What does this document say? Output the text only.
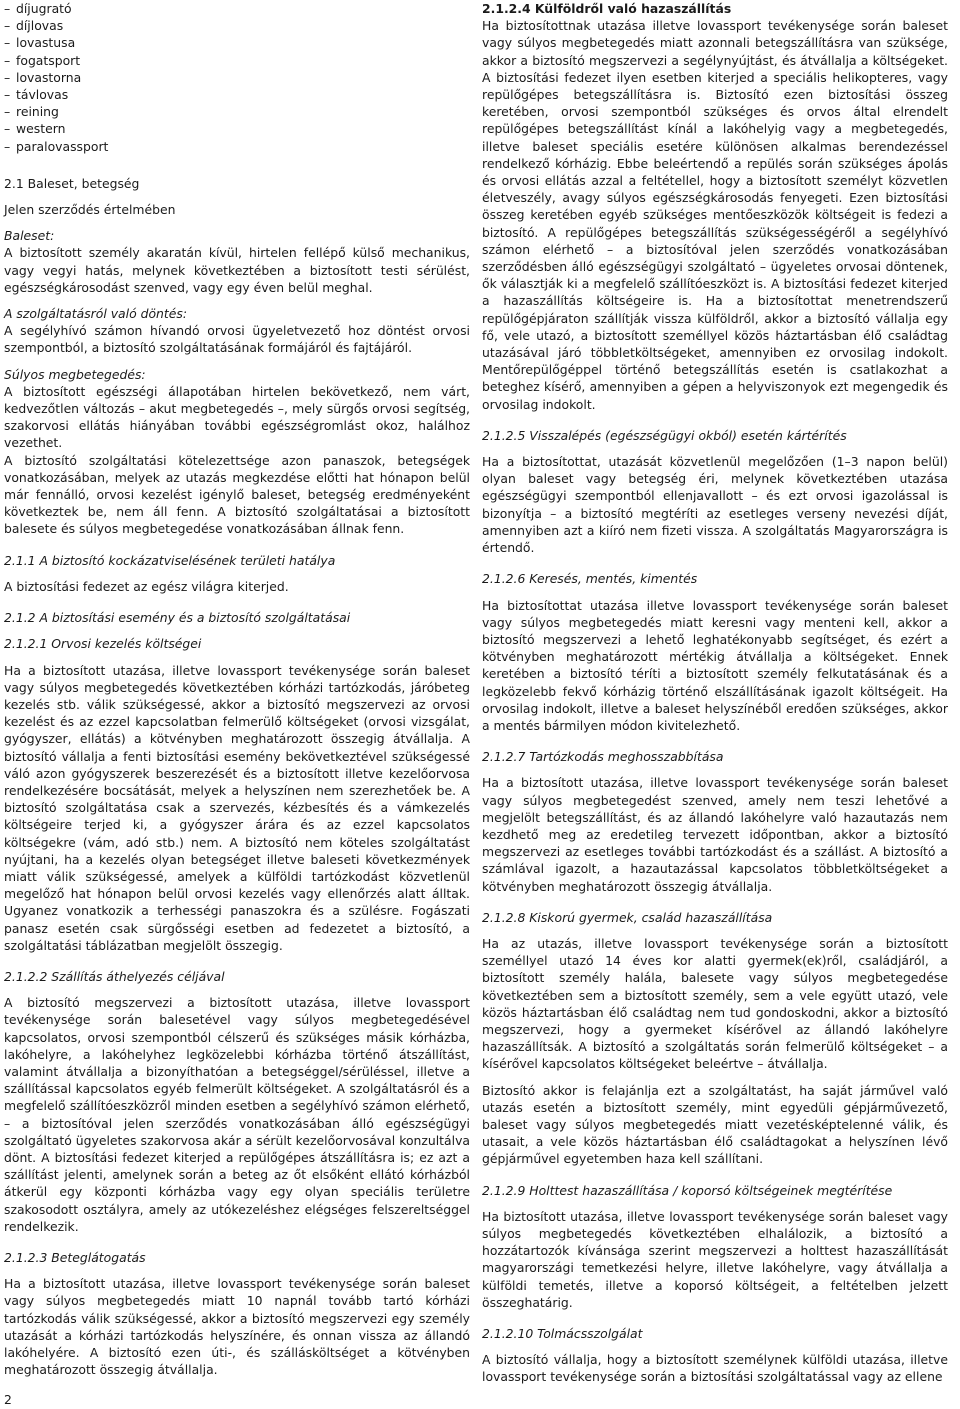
– díjugrató
– díjlovas
– lovastusa
– fogatsport
– lovastorna
– távlovas
– reining
– western
– paralovassport

2.1 Baleset, betegség

Jelen szerződés értelmében

Baleset:

A biztosított személy akaratán kívül, hirtelen fellépő külső mechanikus, vagy vegyi hatás, melynek következtében a biztosított testi sérülést, egészségkárosodást szenved, vagy egy éven belül meghal.

A szolgáltatásról való döntés:

A segélyhívó számon hívandó orvosi ügyeletvezető hoz döntést orvosi szempontból, a biztosító szolgáltatásának formájáról és fajtájáról.

Súlyos megbetegedés:

A biztosított egészségi állapotában hirtelen bekövetkező, nem várt, kedvezőtlen változás – akut megbetegedés –, mely sürgős orvosi segítség, szakorvosi ellátás hiányában további egészségromlást okoz, halálhoz vezethet.

A biztosító szolgáltatási kötelezettsége azon panaszok, betegségek vonatkozásában, melyek az utazás megkezdése előtti hat hónapon belül már fennálló, orvosi kezelést igénylő baleset, betegség eredményeként következtek be, nem áll fenn. A biztosító szolgáltatásai a biztosított balesete és súlyos megbetegedése vonatkozásában állnak fenn.

2.1.1 A biztosító kockázatviselésének területi hatálya

A biztosítási fedezet az egész világra kiterjed.

2.1.2 A biztosítási esemény és a biztosító szolgáltatásai

2.1.2.1 Orvosi kezelés költségei

Ha a biztosított utazása, illetve lovassport tevékenysége során baleset vagy súlyos megbetegedés következtében kórházi tartózkodás, járóbeteg kezelés stb. válik szükségessé, akkor a biztosító megszervezi az orvosi kezelést és az ezzel kapcsolatban felmerülő költségeket (orvosi vizsgálat, gyógyszer, ellátás) a kötvényben meghatározott összegig átvállalja. A biztosító vállalja a fenti biztosítási esemény bekövetkeztével szükségessé váló azon gyógyszerek beszerezését és a biztosított illetve kezelőorvosa rendelkezésére bocsátását, melyek a helyszínen nem szerezhetőek be. A biztosító szolgáltatása csak a szervezés, kézbesítés és a vámkezelés költségeire terjed ki, a gyógyszer árára és az ezzel kapcsolatos költségekre (vám, adó stb.) nem. A biztosító nem köteles szolgáltatást nyújtani, ha a kezelés olyan betegséget illetve baleseti következmények miatt válik szükségessé, amelyek a külföldi tartózkodást közvetlenül megelőző hat hónapon belül orvosi kezelés vagy ellenőrzés alatt álltak. Ugyanez vonatkozik a terhességi panaszokra és a szülésre. Fogászati panasz esetén csak sürgősségi esetben ad fedezetet a biztosító, a szolgáltatási táblázatban megjelölt összegig.

2.1.2.2 Szállítás áthelyezés céljával

A biztosító megszervezi a biztosított utazása, illetve lovassport tevékenysége során balesetével vagy súlyos megbetegedésével kapcsolatos, orvosi szempontból célszerű és szükséges másik kórházba, lakóhelyre, a lakóhelyhez legközelebbi kórházba történő átszállítást, valamint átvállalja a bizonyíthatóan a betegséggel/sérüléssel, illetve a szállítással kapcsolatos egyéb felmerült költségeket. A szolgáltatásról és a megfelelő szállítóeszközről minden esetben a segélyhívó számon elérhető, – a biztosítóval jelen szerződés vonatkozásában álló egészségügyi szolgáltató ügyeletes szakorvosa akár a sérült kezelőorvosával konzultálva dönt. A biztosítási fedezet kiterjed a repülőgépes átszállításra is; ez azt a szállítást jelenti, amelynek során a beteg az őt elsőként ellátó kórházból átkerül egy központi kórházba vagy egy olyan speciális területre szakosodott osztályra, amely az utókezeléshez elégséges felszereltséggel rendelkezik.

2.1.2.3 Beteglátogatás

Ha a biztosított utazása, illetve lovassport tevékenysége során baleset vagy súlyos megbetegedés miatt 10 napnál tovább tartó kórházi tartózkodás válik szükségessé, akkor a biztosító megszervezi egy személy utazását a kórházi tartózkodás helyszínére, és onnan vissza az állandó lakóhelyére. A biztosító ezen úti-, és szállásköltséget a kötvényben meghatározott összegig átvállalja.

2.1.2.4 Külföldről való hazaszállítás

Ha biztosítottnak utazása illetve lovassport tevékenysége során baleset vagy súlyos megbetegedés miatt azonnali betegszállításra van szüksége, akkor a biztosító megszervezi a segélynyújtást, és átvállalja a költségeket. A biztosítási fedezet ilyen esetben kiterjed a speciális helikopteres, vagy repülőgépes betegszállításra is. Biztosító ezen biztosítási összeg keretében, orvosi szempontból szükséges és orvos által elrendelt repülőgépes betegszállítást kínál a lakóhelyig vagy a megbetegedés, illetve baleset speciális esetére különösen alkalmas berendezéssel rendelkező kórházig. Ebbe beleértendő a repülés során szükséges ápolás és orvosi ellátás azzal a feltétellel, hogy a biztosított személyt közvetlen életveszély, avagy súlyos egészségkárosodás fenyegeti. Ezen biztosítási összeg keretében egyéb szükséges mentőeszközök költségeit is fedezi a biztosító. A repülőgépes betegszállítás szükségességéről a segélyhívó számon elérhető – a biztosítóval jelen szerződés vonatkozásában szerződésben álló egészségügyi szolgáltató – ügyeletes orvosai döntenek, ők választják ki a megfelelő szállítóeszközt is. A biztosítási fedezet kiterjed a hazaszállítás költségeire is. Ha a biztosítottat menetrendszerű repülőgépjáraton szállítják vissza külföldről, akkor a biztosító vállalja egy fő, vele utazó, a biztosított személlyel közös háztartásban élő családtag utazásával járó többletköltségeket, amennyiben ez orvosilag indokolt. Mentőrepülőgéppel történő betegszállítás esetén is csatlakozhat a beteghez kísérő, amennyiben a gépen a helyviszonyok ezt megengedik és orvosilag indokolt.

2.1.2.5 Visszalépés (egészségügyi okból) esetén kártérítés

Ha a biztosítottat, utazását közvetlenül megelőzően (1–3 napon belül) olyan baleset vagy betegség éri, melynek következtében utazása egészségügyi szempontból ellenjavallott – és ezt orvosi igazolással is bizonyítja – a biztosító megtéríti az esetleges verseny nevezési díját, amennyiben azt a kiíró nem fizeti vissza. A szolgáltatás Magyarországra is értendő.

2.1.2.6 Keresés, mentés, kimentés

Ha biztosítottat utazása illetve lovassport tevékenysége során baleset vagy súlyos megbetegedés miatt keresni vagy menteni kell, akkor a biztosító megszervezi a lehető leghatékonyabb segítséget, és ezért a kötvényben meghatározott mértékig átvállalja a költségeket. Ennek keretében a biztosító téríti a biztosított személy felkutatásának és a legközelebb fekvő kórházig történő elszállításának igazolt költségeit. Ha orvosilag indokolt, illetve a baleset helyszínéből eredően szükséges, akkor a mentés bármilyen módon kivitelezhető.

2.1.2.7 Tartózkodás meghosszabbítása

Ha a biztosított utazása, illetve lovassport tevékenysége során baleset vagy súlyos megbetegedést szenved, amely nem teszi lehetővé a megjelölt betegszállítást, és az állandó lakóhelyre való hazautazás nem kezdhető meg az eredetileg tervezett időpontban, akkor a biztosító megszervezi az esetleges további tartózkodást és a szállást. A biztosító a számlával igazolt, a hazautazással kapcsolatos többletköltségeket a kötvényben meghatározott összegig átvállalja.

2.1.2.8 Kiskorú gyermek, család hazaszállítása

Ha az utazás, illetve lovassport tevékenysége során a biztosított személlyel utazó 14 éves kor alatti gyermek(ek)ről, családjáról, a biztosított személy halála, balesete vagy súlyos megbetegedése következtében sem a biztosított személy, sem a vele együtt utazó, vele közös háztartásban élő családtag nem tud gondoskodni, akkor a biztosító megszervezi, hogy a gyermeket kísérővel az állandó lakóhelyre hazaszállítsák. A biztosító a szolgáltatás során felmerülő költségeket – a kísérővel kapcsolatos költségeket beleértve – átvállalja.

Biztosító akkor is felajánlja ezt a szolgáltatást, ha saját járművel való utazás esetén a biztosított személy, mint egyedüli gépjárművezető, baleset vagy súlyos megbetegedés miatt vezetésképtelenné válik, és utasait, a vele közös háztartásban élő családtagokat a helyszínen lévő gépjárművel egyetemben haza kell szállítani.

2.1.2.9 Holttest hazaszállítása / koporsó költségeinek megtérítése

Ha biztosított utazása, illetve lovassport tevékenysége során baleset vagy súlyos megbetegedés következtében elhalálozik, a biztosító a hozzátartozók kívánsága szerint megszervezi a holttest hazaszállítását magyarországi temetkezési helyre, illetve lakóhelyre, vagy átvállalja a külföldi temetés, illetve a koporsó költségeit, a feltételben jelzett összeghatárig.

2.1.2.10 Tolmácsszolgálat

A biztosító vállalja, hogy a biztosított személynek külföldi utazása, illetve lovassport tevékenysége során a biztosítási szolgáltatással vagy az ellene

2
